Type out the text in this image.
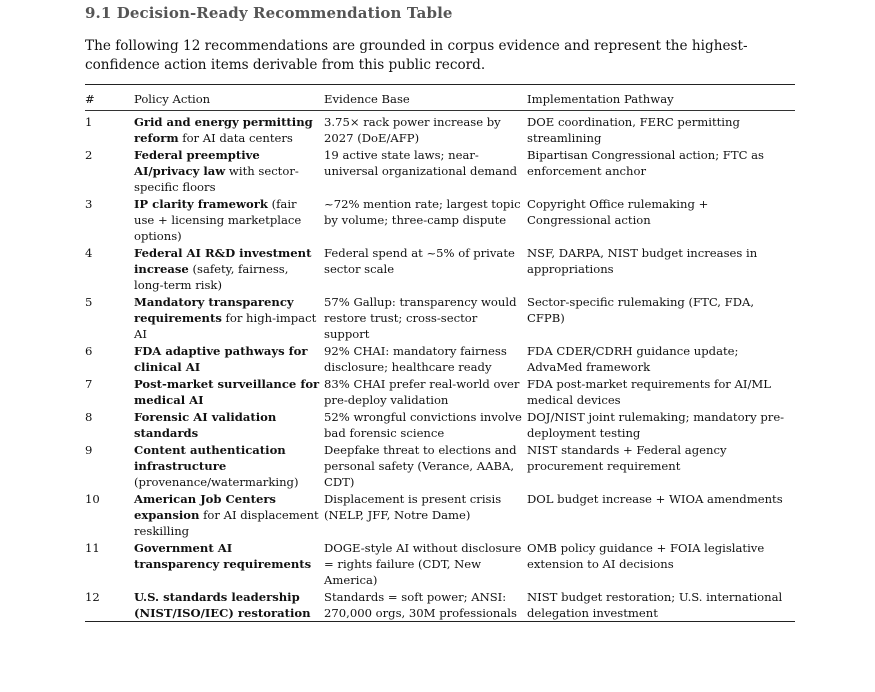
9.1 Decision-Ready Recommendation Table

The following 12 recommendations are grounded in corpus evidence and represent the highest-confidence action items derivable from this public record.

#	Policy Action	Evidence Base	Implementation Pathway
1	Grid and energy permitting reform for AI data centers	3.75× rack power increase by 2027 (DoE/AFP)	DOE coordination, FERC permitting streamlining
2	Federal preemptive AI/privacy law with sector-specific floors	19 active state laws; near-universal organizational demand	Bipartisan Congressional action; FTC as enforcement anchor
3	IP clarity framework (fair use + licensing marketplace options)	~72% mention rate; largest topic by volume; three-camp dispute	Copyright Office rulemaking + Congressional action
4	Federal AI R&D investment increase (safety, fairness, long-term risk)	Federal spend at ~5% of private sector scale	NSF, DARPA, NIST budget increases in appropriations
5	Mandatory transparency requirements for high-impact AI	57% Gallup: transparency would restore trust; cross-sector support	Sector-specific rulemaking (FTC, FDA, CFPB)
6	FDA adaptive pathways for clinical AI	92% CHAI: mandatory fairness disclosure; healthcare ready	FDA CDER/CDRH guidance update; AdvaMed framework
7	Post-market surveillance for medical AI	83% CHAI prefer real-world over pre-deploy validation	FDA post-market requirements for AI/ML medical devices
8	Forensic AI validation standards	52% wrongful convictions involve bad forensic science	DOJ/NIST joint rulemaking; mandatory pre-deployment testing
9	Content authentication infrastructure (provenance/watermarking)	Deepfake threat to elections and personal safety (Verance, AABA, CDT)	NIST standards + Federal agency procurement requirement
10	American Job Centers expansion for AI displacement reskilling	Displacement is present crisis (NELP, JFF, Notre Dame)	DOL budget increase + WIOA amendments
11	Government AI transparency requirements	DOGE-style AI without disclosure = rights failure (CDT, New America)	OMB policy guidance + FOIA legislative extension to AI decisions
12	U.S. standards leadership (NIST/ISO/IEC) restoration	Standards = soft power; ANSI: 270,000 orgs, 30M professionals	NIST budget restoration; U.S. international delegation investment
